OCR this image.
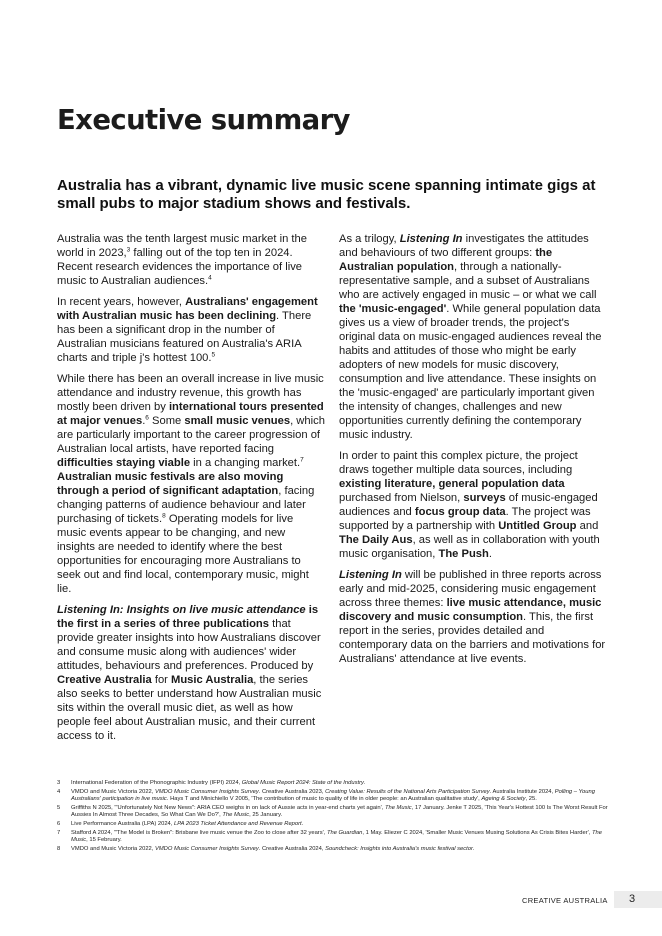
Executive summary
Australia has a vibrant, dynamic live music scene spanning intimate gigs at small pubs to major stadium shows and festivals.

Australia was the tenth largest music market in the world in 2023,$^3$ falling out of the top ten in 2024. Recent research evidences the importance of live music to Australian audiences.$^4$

In recent years, however, Australians' engagement with Australian music has been declining. There has been a significant drop in the number of Australian musicians featured on Australia's ARIA charts and triple j's hottest 100.$^5$

While there has been an overall increase in live music attendance and industry revenue, this growth has mostly been driven by international tours presented at major venues.$^6$ Some small music venues, which are particularly important to the career progression of Australian local artists, have reported facing difficulties staying viable in a changing market.$^7$ Australian music festivals are also moving through a period of significant adaptation, facing changing patterns of audience behaviour and later purchasing of tickets.$^8$ Operating models for live music events appear to be changing, and new insights are needed to identify where the best opportunities for encouraging more Australians to seek out and find local, contemporary music, might lie.

Listening In: Insights on live music attendance is the first in a series of three publications that provide greater insights into how Australians discover and consume music along with audiences' wider attitudes, behaviours and preferences. Produced by Creative Australia for Music Australia, the series also seeks to better understand how Australian music sits within the overall music diet, as well as how people feel about Australian music, and their current access to it.

As a trilogy, Listening In investigates the attitudes and behaviours of two different groups: the Australian population, through a nationally-representative sample, and a subset of Australians who are actively engaged in music – or what we call the 'music-engaged'. While general population data gives us a view of broader trends, the project's original data on music-engaged audiences reveal the habits and attitudes of those who might be early adopters of new models for music discovery, consumption and live attendance. These insights on the 'music-engaged' are particularly important given the intensity of changes, challenges and new opportunities currently defining the contemporary music industry.

In order to paint this complex picture, the project draws together multiple data sources, including existing literature, general population data purchased from Nielson, surveys of music-engaged audiences and focus group data. The project was supported by a partnership with Untitled Group and The Daily Aus, as well as in collaboration with youth music organisation, The Push.

Listening In will be published in three reports across early and mid-2025, considering music engagement across three themes: live music attendance, music discovery and music consumption. This, the first report in the series, provides detailed and contemporary data on the barriers and motivations for Australians' attendance at live events.

3	International Federation of the Phonographic Industry (IFPI) 2024, Global Music Report 2024: State of the Industry.
4	VMDO and Music Victoria 2022, VMDO Music Consumer Insights Survey. Creative Australia 2023, Creating Value: Results of the National Arts Participation Survey. Australia Institute 2024, Polling – Young Australians' participation in live music. Hays T and Minichiello V 2005, 'The contribution of music to quality of life in older people: an Australian qualitative study', Ageing & Society, 25.
5	Griffiths N 2025, '"Unfortunately Not New News": ARIA CEO weighs in on lack of Aussie acts in year-end charts yet again', The Music, 17 January. Jenke T 2025, 'This Year's Hottest 100 Is The Worst Result For Aussies In Almost Three Decades, So What Can We Do?', The Music, 25 January.
6	Live Performance Australia (LPA) 2024, LPA 2023 Ticket Attendance and Revenue Report.
7	Stafford A 2024, '"The Model is Broken": Brisbane live music venue the Zoo to close after 32 years', The Guardian, 1 May. Eliezer C 2024, 'Smaller Music Venues Musing Solutions As Crisis Bites Harder', The Music, 15 February.
8	VMDO and Music Victoria 2022, VMDO Music Consumer Insights Survey. Creative Australia 2024, Soundcheck: Insights into Australia's music festival sector.
CREATIVE AUSTRALIA 3
